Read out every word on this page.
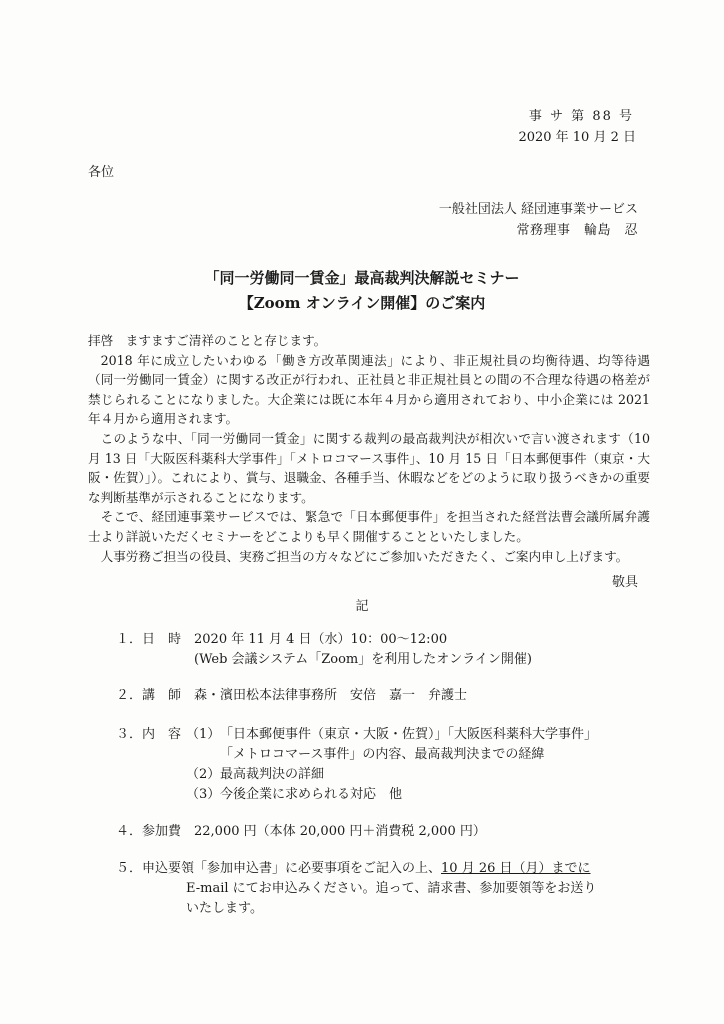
事 サ 第 88 号
2020 年 10 月 2 日
各位
一般社団法人 経団連事業サービス
常務理事　輪島　忍
「同一労働同一賃金」最高裁判決解説セミナー
【Zoom オンライン開催】のご案内

拝啓　ますますご清祥のことと存じます。

2018 年に成立したいわゆる「働き方改革関連法」により、非正規社員の均衡待遇、均等待遇（同一労働同一賃金）に関する改正が行われ、正社員と非正規社員との間の不合理な待遇の格差が禁じられることになりました。大企業には既に本年４月から適用されており、中小企業には 2021 年４月から適用されます。

このような中、「同一労働同一賃金」に関する裁判の最高裁判決が相次いで言い渡されます（10 月 13 日「大阪医科薬科大学事件」「メトロコマース事件」、10 月 15 日「日本郵便事件（東京・大阪・佐賀）」）。これにより、賞与、退職金、各種手当、休暇などをどのように取り扱うべきかの重要な判断基準が示されることになります。

そこで、経団連事業サービスでは、緊急で「日本郵便事件」を担当された経営法曹会議所属弁護士より詳説いただくセミナーをどこよりも早く開催することといたしました。

人事労務ご担当の役員、実務ご担当の方々などにご参加いただきたく、ご案内申し上げます。

敬具
記
１．日　時 2020 年 11 月 4 日（水）10：00～12:00
(Web 会議システム「Zoom」を利用したオンライン開催)
２．講　師 森・濱田松本法律事務所　安倍　嘉一　弁護士
３．内　容 （1） 「日本郵便事件（東京・大阪・佐賀）」「大阪医科薬科大学事件」
「メトロコマース事件」の内容、最高裁判決までの経緯
（2） 最高裁判決の詳細
（3） 今後企業に求められる対応　他
４．参加費 22,000 円（本体 20,000 円＋消費税 2,000 円）
５．申込要領「参加申込書」に必要事項をご記入の上、10 月 26 日（月）までに
E-mail にてお申込みください。追って、請求書、参加要領等をお送り
いたします。
